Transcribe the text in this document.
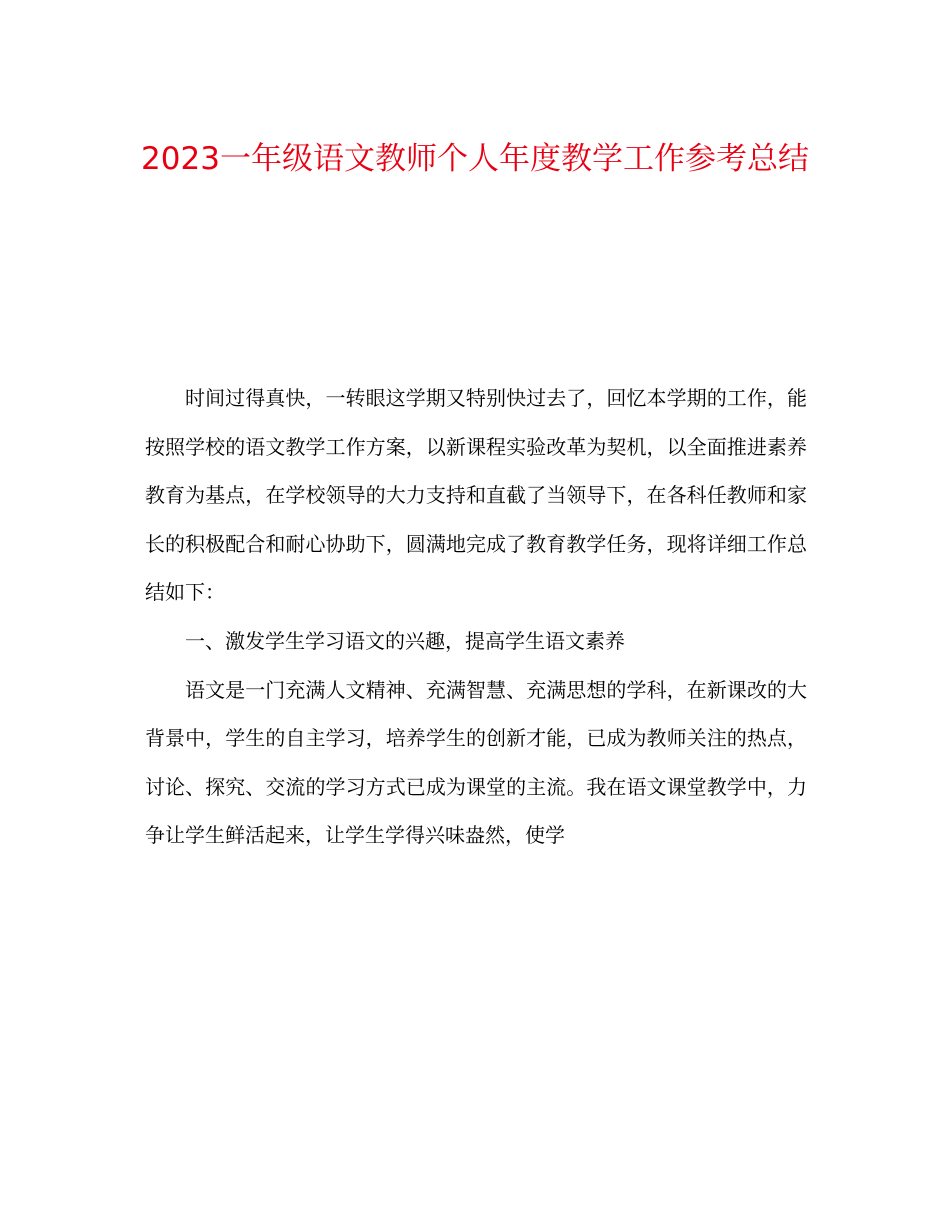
2023一年级语文教师个人年度教学工作参考总结

时间过得真快，一转眼这学期又特别快过去了，回忆本学期的工作，能按照学校的语文教学工作方案，以新课程实验改革为契机，以全面推进素养教育为基点，在学校领导的大力支持和直截了当领导下，在各科任教师和家长的积极配合和耐心协助下，圆满地完成了教育教学任务，现将详细工作总结如下：

一、激发学生学习语文的兴趣，提高学生语文素养

语文是一门充满人文精神、充满智慧、充满思想的学科，在新课改的大背景中，学生的自主学习，培养学生的创新才能，已成为教师关注的热点，讨论、探究、交流的学习方式已成为课堂的主流。我在语文课堂教学中，力争让学生鲜活起来，让学生学得兴味盎然，使学
